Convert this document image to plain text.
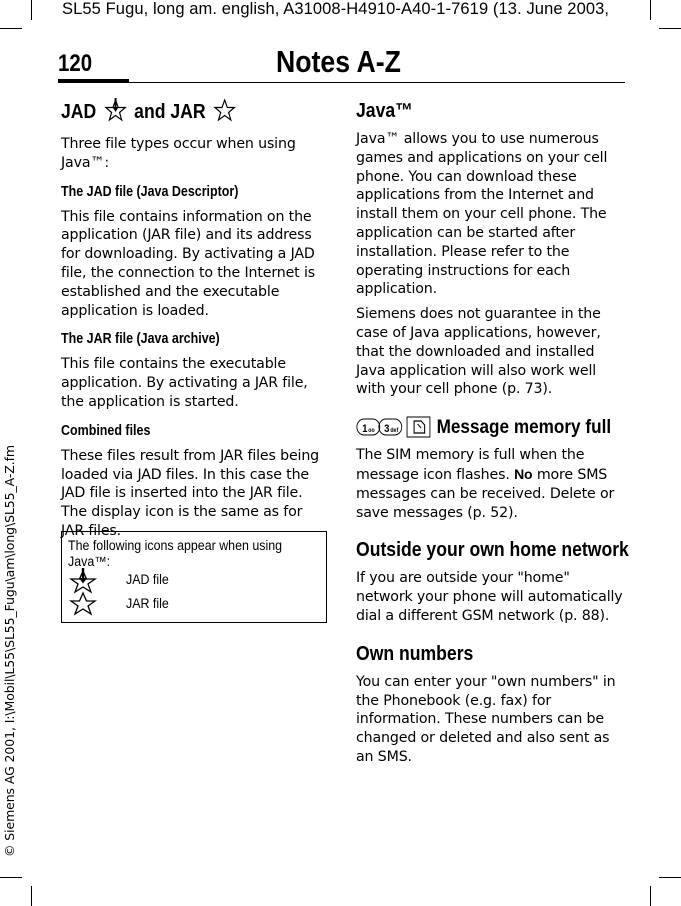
SL55 Fugu, long am. english, A31008-H4910-A40-1-7619 (13. June 2003,
© Siemens AG 2001, I:\Mobil\L55\SL55_Fugu\am\long\SL55_A-Z.fm
120	Notes A-Z
JAD and JAR

Three file types occur when using Java™:

The JAD file (Java Descriptor)

This file contains information on the application (JAR file) and its address for downloading. By activating a JAD file, the connection to the Internet is established and the executable application is loaded.

The JAR file (Java archive)

This file contains the executable application. By activating a JAR file, the application is started.

Combined files

These files result from JAR files being loaded via JAD files. In this case the JAD file is inserted into the JAR file. The display icon is the same as for JAR files.

The following icons appear when using Java™:
JAD file
JAR file
Java™

Java™ allows you to use numerous games and applications on your cell phone. You can download these applications from the Internet and install them on your cell phone. The application can be started after installation. Please refer to the operating instructions for each application.

Siemens does not guarantee in the case of Java applications, however, that the downloaded and installed Java application will also work well with your cell phone (p. 73).

1 oo 3 def Message memory full

The SIM memory is full when the message icon flashes. No more SMS messages can be received. Delete or save messages (p. 52).

Outside your own home network

If you are outside your "home" network your phone will automatically dial a different GSM network (p. 88).

Own numbers

You can enter your "own numbers" in the Phonebook (e.g. fax) for information. These numbers can be changed or deleted and also sent as an SMS.
